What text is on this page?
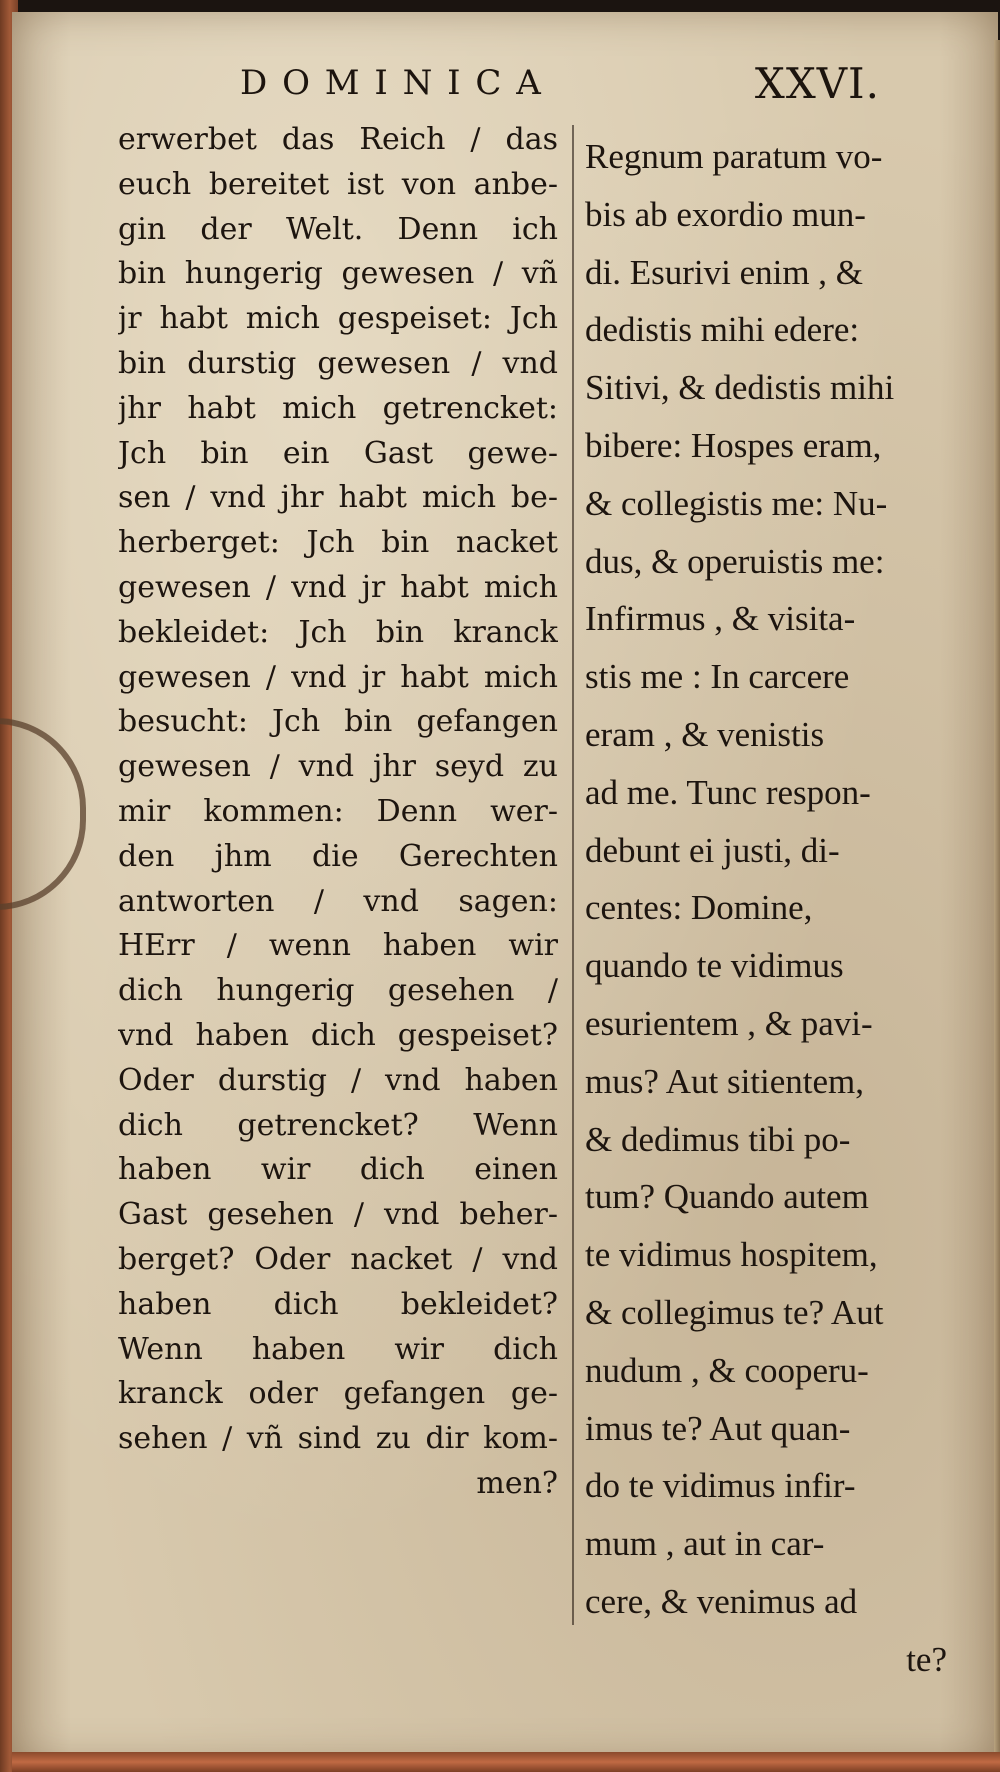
D O M I N I C A	XXVI.
erwerbet das Reich / das
euch bereitet ist von anbe-
gin der Welt. Denn ich
bin hungerig gewesen / vñ
jr habt mich gespeiset: Jch
bin durstig gewesen / vnd
jhr habt mich getrencket:
Jch bin ein Gast gewe-
sen / vnd jhr habt mich be-
herberget: Jch bin nacket
gewesen / vnd jr habt mich
bekleidet: Jch bin kranck
gewesen / vnd jr habt mich
besucht: Jch bin gefangen
gewesen / vnd jhr seyd zu
mir kommen: Denn wer-
den jhm die Gerechten
antworten / vnd sagen:
HErr / wenn haben wir
dich hungerig gesehen /
vnd haben dich gespeiset?
Oder durstig / vnd haben
dich getrencket? Wenn
haben wir dich einen
Gast gesehen / vnd beher-
berget? Oder nacket / vnd
haben dich bekleidet?
Wenn haben wir dich
kranck oder gefangen ge-
sehen / vñ sind zu dir kom-
men?
Regnum paratum vo-
bis ab exordio mun-
di. Esurivi enim , &
dedistis mihi edere:
Sitivi, & dedistis mihi
bibere: Hospes eram,
& collegistis me: Nu-
dus, & operuistis me:
Infirmus , & visita-
stis me : In carcere
eram , & venistis
ad me. Tunc respon-
debunt ei justi, di-
centes: Domine,
quando te vidimus
esurientem , & pavi-
mus? Aut sitientem,
& dedimus tibi po-
tum? Quando autem
te vidimus hospitem,
& collegimus te? Aut
nudum , & cooperu-
imus te? Aut quan-
do te vidimus infir-
mum , aut in car-
cere, & venimus ad
te?
